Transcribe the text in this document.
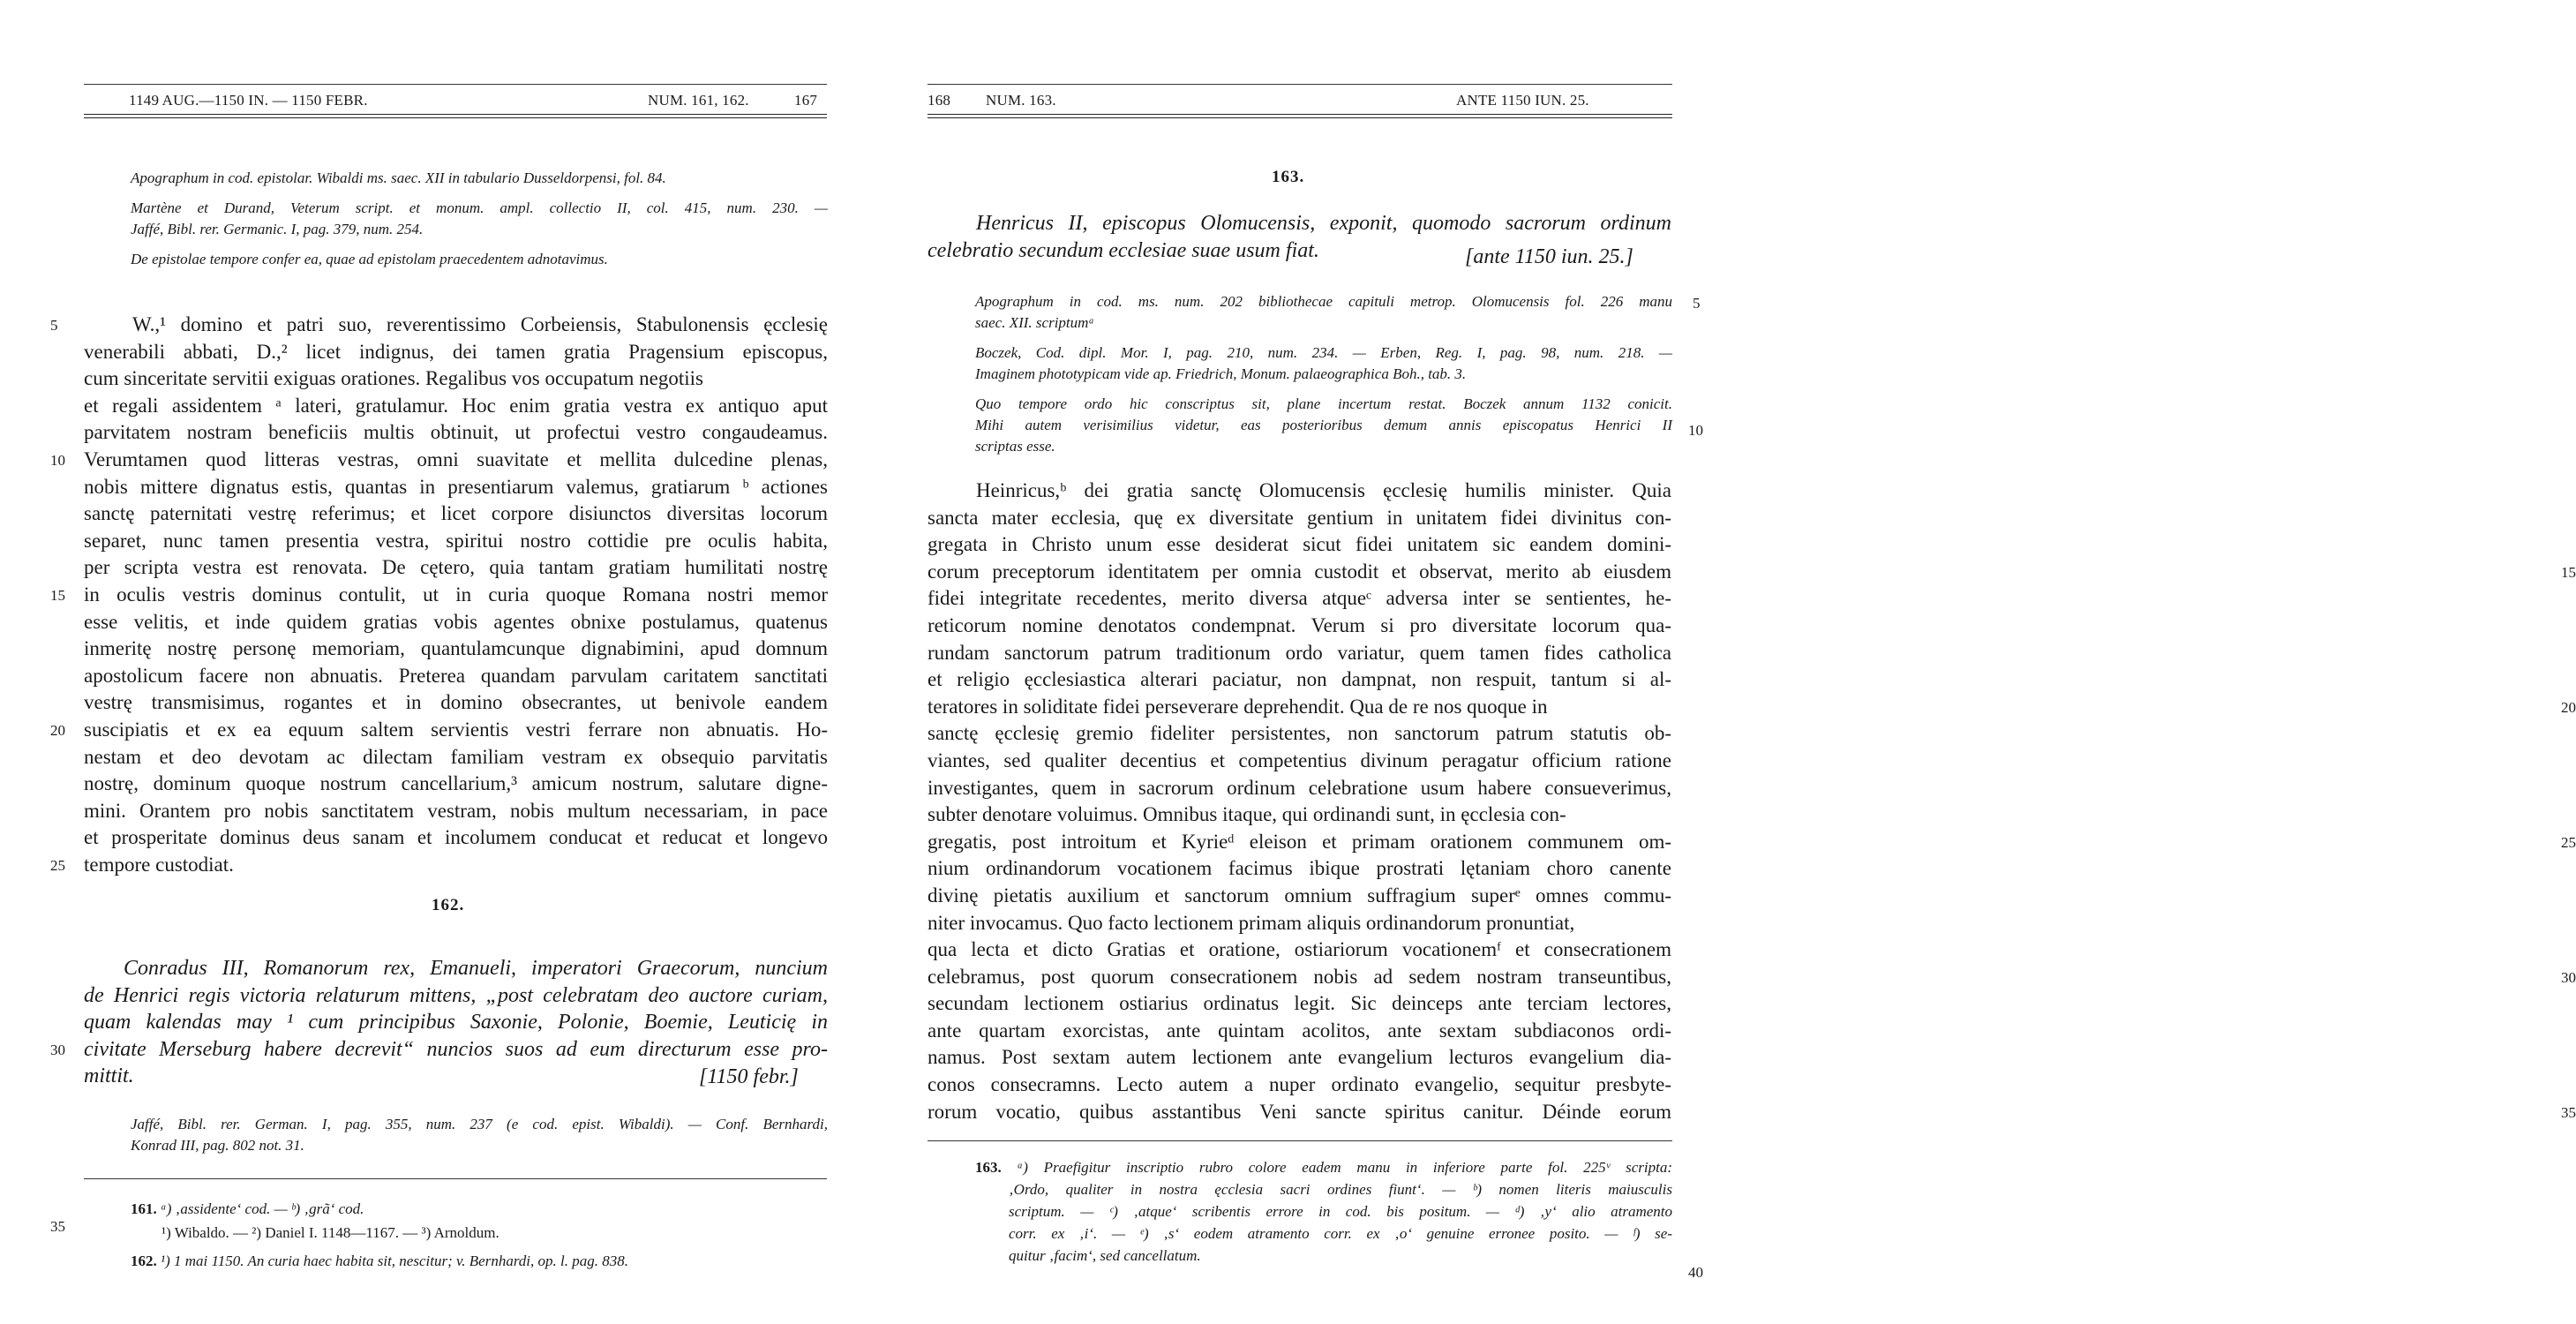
1149 AUG.—1150 IN. — 1150 FEBR.	NUM. 161, 162.	167
Apographum in cod. epistolar. Wibaldi ms. saec. XII in tabulario Dusseldorpensi, fol. 84.
Martène et Durand, Veterum script. et monum. ampl. collectio II, col. 415, num. 230. —
Jaffé, Bibl. rer. Germanic. I, pag. 379, num. 254.
De epistolae tempore confer ea, quae ad epistolam praecedentem adnotavimus.
W.,¹ domino et patri suo, reverentissimo Corbeiensis, Stabulonensis ęcclesię
venerabili abbati, D.,² licet indignus, dei tamen gratia Pragensium episcopus,
cum sinceritate servitii exiguas orationes. Regalibus vos occupatum negotiis
et regali assidentem ᵃ lateri, gratulamur. Hoc enim gratia vestra ex antiquo aput
parvitatem nostram beneficiis multis obtinuit, ut profectui vestro congaudeamus.
Verumtamen quod litteras vestras, omni suavitate et mellita dulcedine plenas,
nobis mittere dignatus estis, quantas in presentiarum valemus, gratiarum ᵇ actiones
sanctę paternitati vestrę referimus; et licet corpore disiunctos diversitas locorum
separet, nunc tamen presentia vestra, spiritui nostro cottidie pre oculis habita,
per scripta vestra est renovata. De cętero, quia tantam gratiam humilitati nostrę
in oculis vestris dominus contulit, ut in curia quoque Romana nostri memor
esse velitis, et inde quidem gratias vobis agentes obnixe postulamus, quatenus
inmeritę nostrę personę memoriam, quantulamcunque dignabimini, apud domnum
apostolicum facere non abnuatis. Preterea quandam parvulam caritatem sanctitati
vestrę transmisimus, rogantes et in domino obsecrantes, ut benivole eandem
suscipiatis et ex ea equum saltem servientis vestri ferrare non abnuatis. Ho-
nestam et deo devotam ac dilectam familiam vestram ex obsequio parvitatis
nostrę, dominum quoque nostrum cancellarium,³ amicum nostrum, salutare digne-
mini. Orantem pro nobis sanctitatem vestram, nobis multum necessariam, in pace
et prosperitate dominus deus sanam et incolumem conducat et reducat et longevo
tempore custodiat.
5
10
15
20
25
162.
Conradus III, Romanorum rex, Emanueli, imperatori Graecorum, nuncium
de Henrici regis victoria relaturum mittens, „post celebratam deo auctore curiam,
quam kalendas may ¹ cum principibus Saxonie, Polonie, Boemie, Leuticię in
civitate Merseburg habere decrevit“ nuncios suos ad eum directurum esse pro-
mittit.	[1150 febr.]
30
Jaffé, Bibl. rer. German. I, pag. 355, num. 237 (e cod. epist. Wibaldi). — Conf. Bernhardi,
Konrad III, pag. 802 not. 31.
35
161. ᵃ) ‚assidente‘ cod. — ᵇ) ‚grã‘ cod.
¹) Wibaldo. — ²) Daniel I. 1148—1167. — ³) Arnoldum.
162. ¹) 1 mai 1150. An curia haec habita sit, nescitur; v. Bernhardi, op. l. pag. 838.
168 NUM. 163.	ANTE 1150 IUN. 25.
163.
Henricus II, episcopus Olomucensis, exponit, quomodo sacrorum ordinum
celebratio secundum ecclesiae suae usum fiat.	[ante 1150 iun. 25.]
Apographum in cod. ms. num. 202 bibliothecae capituli metrop. Olomucensis fol. 226 manu
saec. XII. scriptumᵃ
Boczek, Cod. dipl. Mor. I, pag. 210, num. 234. — Erben, Reg. I, pag. 98, num. 218. —
Imaginem phototypicam vide ap. Friedrich, Monum. palaeographica Boh., tab. 3.
Quo tempore ordo hic conscriptus sit, plane incertum restat. Boczek annum 1132 conicit.
Mihi autem verisimilius videtur, eas posterioribus demum annis episcopatus Henrici II
scriptas esse.
5
10
Heinricus,ᵇ dei gratia sanctę Olomucensis ęcclesię humilis minister. Quia
sancta mater ecclesia, quę ex diversitate gentium in unitatem fidei divinitus con-
gregata in Christo unum esse desiderat sicut fidei unitatem sic eandem domini-
corum preceptorum identitatem per omnia custodit et observat, merito ab eiusdem
fidei integritate recedentes, merito diversa atqueᶜ adversa inter se sentientes, he-
reticorum nomine denotatos condempnat. Verum si pro diversitate locorum qua-
rundam sanctorum patrum traditionum ordo variatur, quem tamen fides catholica
et religio ęcclesiastica alterari paciatur, non dampnat, non respuit, tantum si al-
teratores in soliditate fidei perseverare deprehendit. Qua de re nos quoque in
sanctę ęcclesię gremio fideliter persistentes, non sanctorum patrum statutis ob-
viantes, sed qualiter decentius et competentius divinum peragatur officium ratione
investigantes, quem in sacrorum ordinum celebratione usum habere consueverimus,
subter denotare voluimus. Omnibus itaque, qui ordinandi sunt, in ęcclesia con-
gregatis, post introitum et Kyrieᵈ eleison et primam orationem communem om-
nium ordinandorum vocationem facimus ibique prostrati lętaniam choro canente
divinę pietatis auxilium et sanctorum omnium suffragium superᵉ omnes commu-
niter invocamus. Quo facto lectionem primam aliquis ordinandorum pronuntiat,
qua lecta et dicto Gratias et oratione, ostiariorum vocationemᶠ et consecrationem
celebramus, post quorum consecrationem nobis ad sedem nostram transeuntibus,
secundam lectionem ostiarius ordinatus legit. Sic deinceps ante terciam lectores,
ante quartam exorcistas, ante quintam acolitos, ante sextam subdiaconos ordi-
namus. Post sextam autem lectionem ante evangelium lecturos evangelium dia-
conos consecramns. Lecto autem a nuper ordinato evangelio, sequitur presbyte-
rorum vocatio, quibus asstantibus Veni sancte spiritus canitur. Déinde eorum
15
20
25
30
35
163. ᵃ) Praefigitur inscriptio rubro colore eadem manu in inferiore parte fol. 225ᵛ scripta:
‚Ordo, qualiter in nostra ęcclesia sacri ordines fiunt‘. — ᵇ) nomen literis maiusculis
scriptum. — ᶜ) ‚atque‘ scribentis errore in cod. bis positum. — ᵈ) ‚y‘ alio atramento
corr. ex ‚i‘. — ᵉ) ‚s‘ eodem atramento corr. ex ‚o‘ genuine erronee posito. — ᶠ) se-
quitur ‚facim‘, sed cancellatum.
40
